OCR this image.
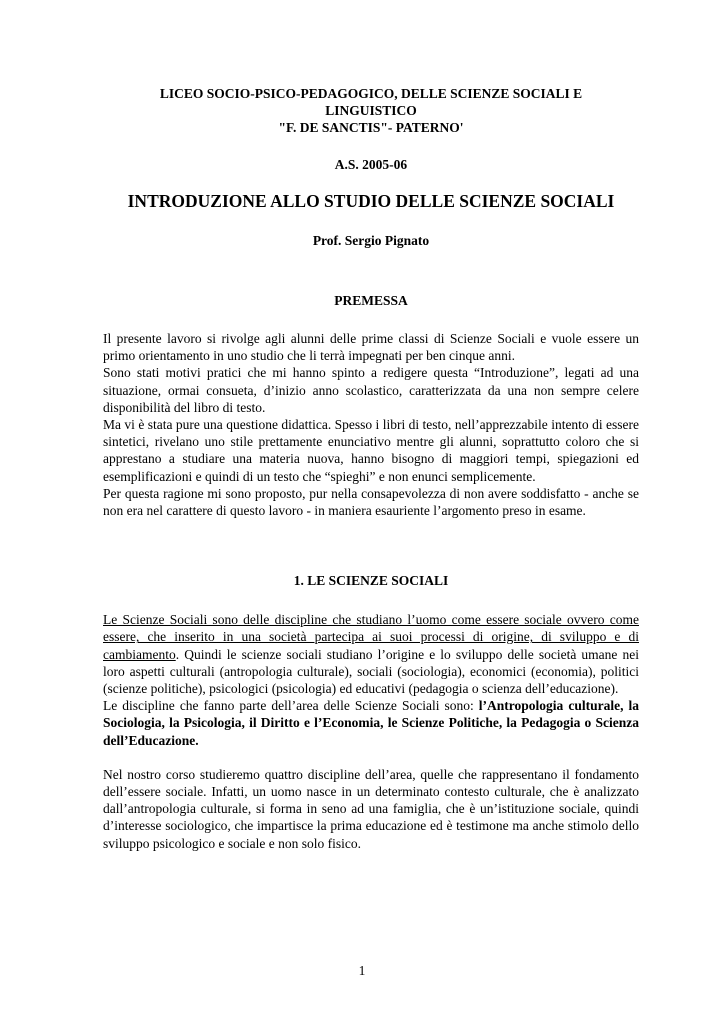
LICEO SOCIO-PSICO-PEDAGOGICO, DELLE SCIENZE SOCIALI E

LINGUISTICO

"F. DE SANCTIS"- PATERNO'

A.S. 2005-06

INTRODUZIONE ALLO STUDIO DELLE SCIENZE SOCIALI

Prof. Sergio Pignato

PREMESSA

Il presente lavoro si rivolge agli alunni delle prime classi di Scienze Sociali e vuole essere un primo orientamento in uno studio che li terrà impegnati per ben cinque anni.

Sono stati motivi pratici che mi hanno spinto a redigere questa “Introduzione”, legati ad una situazione, ormai consueta, d’inizio anno scolastico, caratterizzata da una non sempre celere disponibilità del libro di testo.

Ma vi è stata pure una questione didattica. Spesso i libri di testo, nell’apprezzabile intento di essere sintetici, rivelano uno stile prettamente enunciativo mentre gli alunni, soprattutto coloro che si apprestano a studiare una materia nuova, hanno bisogno di maggiori tempi, spiegazioni ed esemplificazioni e quindi di un testo che “spieghi” e non enunci semplicemente.

Per questa ragione mi sono proposto, pur nella consapevolezza di non avere soddisfatto - anche se non era nel carattere di questo lavoro - in maniera esauriente l’argomento preso in esame.

1. LE SCIENZE SOCIALI

Le Scienze Sociali sono delle discipline che studiano l’uomo come essere sociale ovvero come essere, che inserito in una società partecipa ai suoi processi di origine, di sviluppo e di cambiamento. Quindi le scienze sociali studiano l’origine e lo sviluppo delle società umane nei loro aspetti culturali (antropologia culturale), sociali (sociologia), economici (economia), politici (scienze politiche), psicologici (psicologia) ed educativi (pedagogia o scienza dell’educazione).

Le discipline che fanno parte dell’area delle Scienze Sociali sono: l’Antropologia culturale, la Sociologia, la Psicologia, il Diritto e l’Economia, le Scienze Politiche, la Pedagogia o Scienza dell’Educazione.

Nel nostro corso studieremo quattro discipline dell’area, quelle che rappresentano il fondamento dell’essere sociale. Infatti, un uomo nasce in un determinato contesto culturale, che è analizzato dall’antropologia culturale, si forma in seno ad una famiglia, che è un’istituzione sociale, quindi d’interesse sociologico, che impartisce la prima educazione ed è testimone ma anche stimolo dello sviluppo psicologico e sociale e non solo fisico.

1
